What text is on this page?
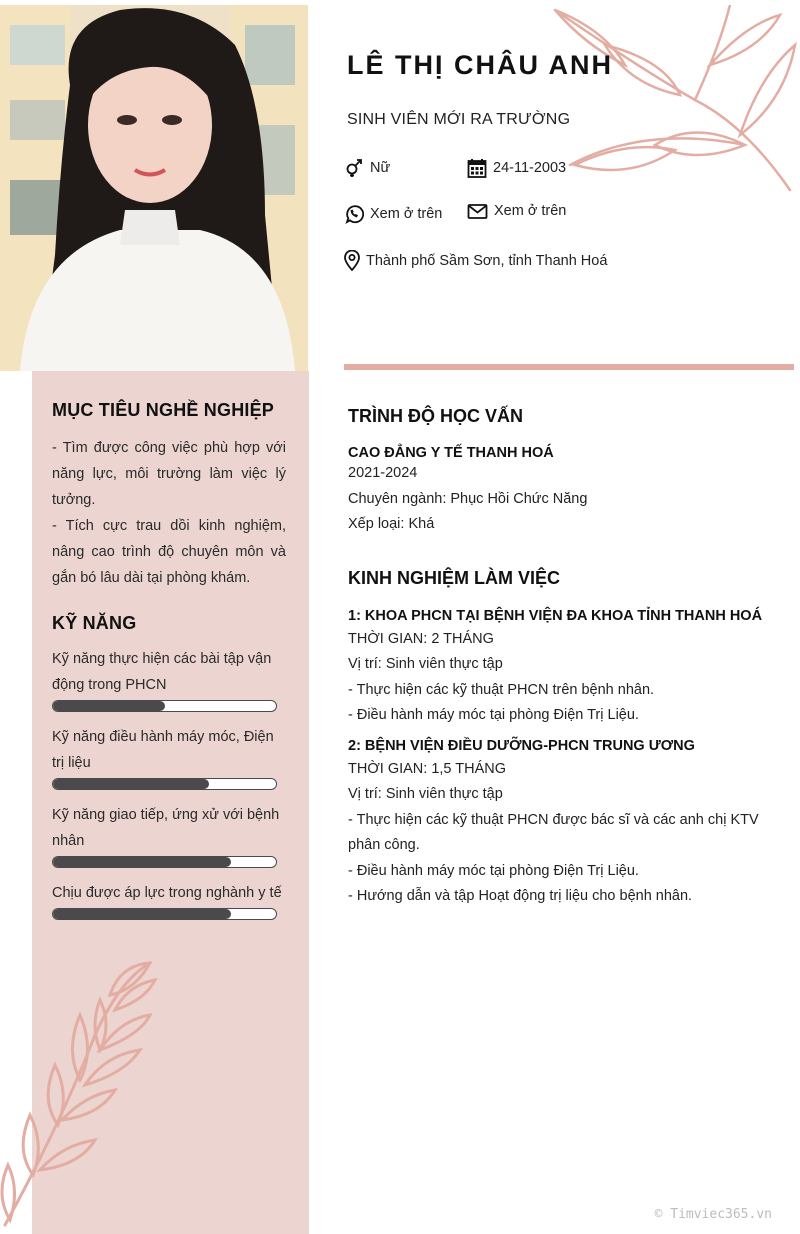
MỤC TIÊU NGHỀ NGHIỆP

- Tìm được công việc phù hợp với năng lực, môi trường làm việc lý tưởng.

- Tích cực trau dồi kinh nghiệm, nâng cao trình độ chuyên môn và gắn bó lâu dài tại phòng khám.

KỸ NĂNG
Kỹ năng thực hiện các bài tập vận động trong PHCN
Kỹ năng điều hành máy móc, Điện trị liệu
Kỹ năng giao tiếp, ứng xử với bệnh nhân
Chịu được áp lực trong nghành y tế
LÊ THỊ CHÂU ANH
SINH VIÊN MỚI RA TRƯỜNG
Nữ	24-11-2003
Xem ở trên	Xem ở trên
Thành phố Sầm Sơn, tỉnh Thanh Hoá
TRÌNH ĐỘ HỌC VẤN
CAO ĐẲNG Y TẾ THANH HOÁ
2021-2024
Chuyên ngành: Phục Hồi Chức Năng
Xếp loại: Khá
KINH NGHIỆM LÀM VIỆC
1: KHOA PHCN TẠI BỆNH VIỆN ĐA KHOA TỈNH THANH HOÁ
THỜI GIAN: 2 THÁNG
Vị trí: Sinh viên thực tập
- Thực hiện các kỹ thuật PHCN trên bệnh nhân.
- Điều hành máy móc tại phòng Điện Trị Liệu.
2: BỆNH VIỆN ĐIỀU DƯỠNG-PHCN TRUNG ƯƠNG
THỜI GIAN: 1,5 THÁNG
Vị trí: Sinh viên thực tập
- Thực hiện các kỹ thuật PHCN được bác sĩ và các anh chị KTV phân công.
- Điều hành máy móc tại phòng Điện Trị Liệu.
- Hướng dẫn và tập Hoạt động trị liệu cho bệnh nhân.
© Timviec365.vn
